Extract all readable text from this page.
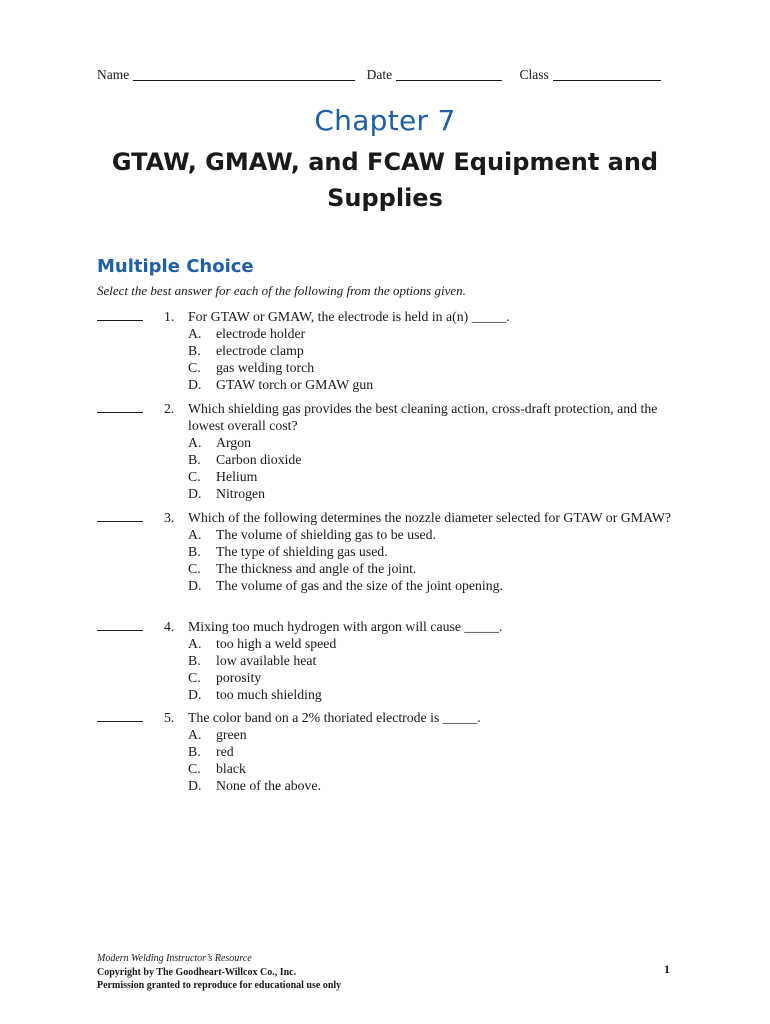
Name	Date	Class
Chapter 7
GTAW, GMAW, and FCAW Equipment and Supplies
Multiple Choice
Select the best answer for each of the following from the options given.
1. For GTAW or GMAW, the electrode is held in a(n) _____.
A. electrode holder
B. electrode clamp
C. gas welding torch
D. GTAW torch or GMAW gun
2. Which shielding gas provides the best cleaning action, cross-draft protection, and the lowest overall cost?
A. Argon
B. Carbon dioxide
C. Helium
D. Nitrogen
3. Which of the following determines the nozzle diameter selected for GTAW or GMAW?
A. The volume of shielding gas to be used.
B. The type of shielding gas used.
C. The thickness and angle of the joint.
D. The volume of gas and the size of the joint opening.
4. Mixing too much hydrogen with argon will cause _____.
A. too high a weld speed
B. low available heat
C. porosity
D. too much shielding
5. The color band on a 2% thoriated electrode is _____.
A. green
B. red
C. black
D. None of the above.
Modern Welding Instructor’s Resource
Copyright by The Goodheart-Willcox Co., Inc.
Permission granted to reproduce for educational use only
1
